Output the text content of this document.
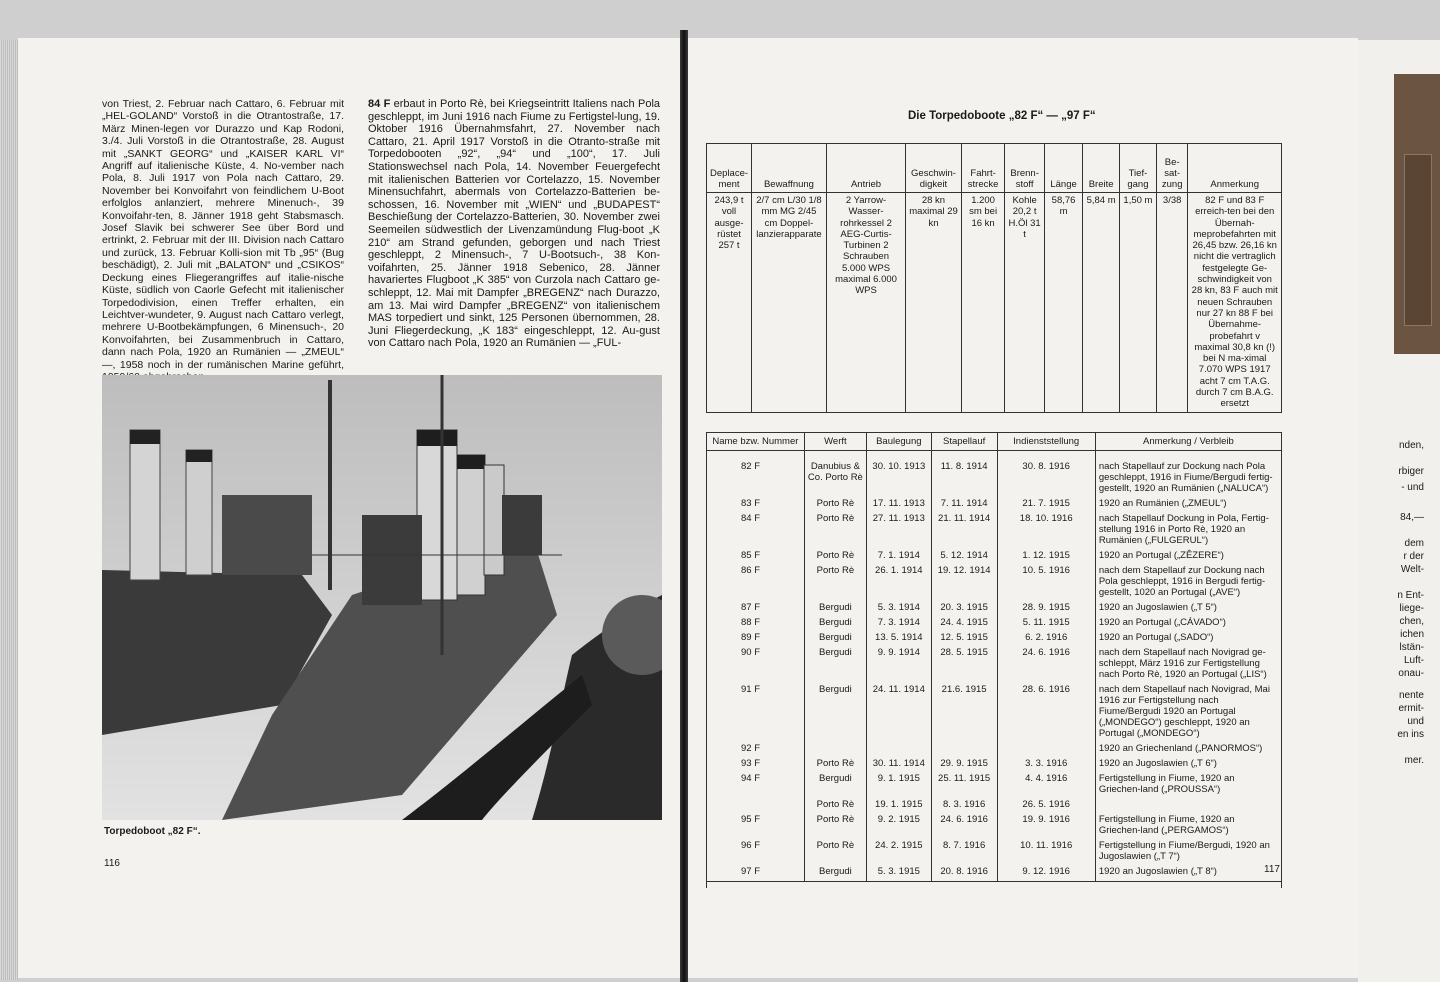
nden,
rbiger
- und
84,—
dem
r der
Welt-
n Ent-
liege-
chen,
ichen
lstän-
Luft-
onau-
nente
ermit-
und
en ins
mer.

von Triest, 2. Februar nach Cattaro, 6. Februar mit „HEL-GOLAND“ Vorstoß in die Otrantostraße, 17. März Minen-legen vor Durazzo und Kap Rodoni, 3./4. Juli Vorstoß in die Otrantostraße, 28. August mit „SANKT GEORG“ und „KAISER KARL VI“ Angriff auf italienische Küste, 4. No-vember nach Pola, 8. Juli 1917 von Pola nach Cattaro, 29. November bei Konvoifahrt von feindlichem U-Boot erfolglos anlanziert, mehrere Minenuch-, 39 Konvoifahr-ten, 8. Jänner 1918 geht Stabsmasch. Josef Slavik bei schwerer See über Bord und ertrinkt, 2. Februar mit der III. Division nach Cattaro und zurück, 13. Februar Kolli-sion mit Tb „95“ (Bug beschädigt), 2. Juli mit „BALATON“ und „CSIKOS“ Deckung eines Fliegerangriffes auf italie-nische Küste, südlich von Caorle Gefecht mit italienischer Torpedodivision, einen Treffer erhalten, ein Leichtver-wundeter, 9. August nach Cattaro verlegt, mehrere U-Bootbekämpfungen, 6 Minensuch-, 20 Konvoifahrten, bei Zusammenbruch in Cattaro, dann nach Pola, 1920 an Rumänien — „ZMEUL“ —, 1958 noch in der rumänischen Marine geführt,

84 F erbaut in Porto Rè, bei Kriegseintritt Italiens nach Pola geschleppt, im Juni 1916 nach Fiume zu Fertigstel-lung, 19. Oktober 1916 Übernahmsfahrt, 27. November nach Cattaro, 21. April 1917 Vorstoß in die Otranto-straße mit Torpedobooten „92“, „94“ und „100“, 17. Juli Stationswechsel nach Pola, 14. November Feuergefecht mit italienischen Batterien vor Cortelazzo, 15. November Minensuchfahrt, abermals von Cortelazzo-Batterien be-schossen, 16. November mit „WIEN“ und „BUDAPEST“ Beschießung der Cortelazzo-Batterien, 30. November zwei Seemeilen südwestlich der Livenzamündung Flug-boot „K 210“ am Strand gefunden, geborgen und nach Triest geschleppt, 2 Minensuch-, 7 U-Bootsuch-, 38 Kon-voifahrten, 25. Jänner 1918 Sebenico, 28. Jänner havariertes Flugboot „K 385“ von Curzola nach Cattaro ge-schleppt, 12. Mai mit Dampfer „BREGENZ“ nach Durazzo, am 13. Mai wird Dampfer „BREGENZ“ von italienischem MAS torpediert und sinkt, 125 Personen übernommen, 28. Juni Fliegerdeckung, „K 183“ eingeschleppt, 12. Au-gust von Cattaro nach Pola, 1920 an Rumänien — „FUL-

Torpedoboot „82 F“.
116
Die Torpedoboote „82 F“ — „97 F“
Deplace-ment	Bewaffnung	Antrieb	Geschwin-digkeit	Fahrt-strecke	Brenn-stoff	Länge	Breite	Tief-gang	Be-sat-zung	Anmerkung
243,9 t voll ausge-rüstet 257 t	2/7 cm L/30 1/8 mm MG 2/45 cm Doppel-lanzierapparate	2 Yarrow-Wasser-rohrkessel 2 AEG-Curtis-Turbinen 2 Schrauben 5.000 WPS maximal 6.000 WPS	28 kn maximal 29 kn	1.200 sm bei 16 kn	Kohle 20,2 t H.Öl 31 t	58,76 m	5,84 m	1,50 m	3/38	82 F und 83 F erreich-ten bei den Übernah-meprobefahrten mit 26,45 bzw. 26,16 kn nicht die vertraglich festgelegte Ge-schwindigkeit von 28 kn, 83 F auch mit neuen Schrauben nur 27 kn 88 F bei Übernahme-probefahrt v maximal 30,8 kn (!) bei N ma-ximal 7.070 WPS 1917 acht 7 cm T.A.G. durch 7 cm B.A.G. ersetzt
Name bzw. Nummer	Werft	Baulegung	Stapellauf	Indienststellung	Anmerkung / Verbleib
82 F	Danubius & Co. Porto Rè	30. 10. 1913	11. 8. 1914	30. 8. 1916	nach Stapellauf zur Dockung nach Pola geschleppt, 1916 in Fiume/Bergudi fertig-gestellt, 1920 an Rumänien („NALUCA“)
83 F	Porto Rè	17. 11. 1913	7. 11. 1914	21. 7. 1915	1920 an Rumänien („ZMEUL“)
84 F	Porto Rè	27. 11. 1913	21. 11. 1914	18. 10. 1916	nach Stapellauf Dockung in Pola, Fertig-stellung 1916 in Porto Rè, 1920 an Rumänien („FULGERUL“)
85 F	Porto Rè	7. 1. 1914	5. 12. 1914	1. 12. 1915	1920 an Portugal („ZÊZERE“)
86 F	Porto Rè	26. 1. 1914	19. 12. 1914	10. 5. 1916	nach dem Stapellauf zur Dockung nach Pola geschleppt, 1916 in Bergudi fertig-gestellt, 1020 an Portugal („AVE“)
87 F	Bergudi	5. 3. 1914	20. 3. 1915	28. 9. 1915	1920 an Jugoslawien („T 5“)
88 F	Bergudi	7. 3. 1914	24. 4. 1915	5. 11. 1915	1920 an Portugal („CÁVADO“)
89 F	Bergudi	13. 5. 1914	12. 5. 1915	6. 2. 1916	1920 an Portugal („SADO“)
90 F	Bergudi	9. 9. 1914	28. 5. 1915	24. 6. 1916	nach dem Stapellauf nach Novigrad ge-schleppt, März 1916 zur Fertigstellung nach Porto Rè, 1920 an Portugal („LIS“)
91 F	Bergudi	24. 11. 1914	21.6. 1915	28. 6. 1916	nach dem Stapellauf nach Novigrad, Mai 1916 zur Fertigstellung nach Fiume/Bergudi 1920 an Portugal („MONDEGO“) geschleppt, 1920 an Portugal („MONDEGO“)
92 F					1920 an Griechenland („PANORMOS“)
93 F	Porto Rè	30. 11. 1914	29. 9. 1915	3. 3. 1916	1920 an Jugoslawien („T 6“)
94 F	Bergudi	9. 1. 1915	25. 11. 1915	4. 4. 1916	Fertigstellung in Fiume, 1920 an Griechen-land („PROUSSA“)
	Porto Rè	19. 1. 1915	8. 3. 1916	26. 5. 1916	
95 F	Porto Rè	9. 2. 1915	24. 6. 1916	19. 9. 1916	Fertigstellung in Fiume, 1920 an Griechen-land („PERGAMOS“)
96 F	Porto Rè	24. 2. 1915	8. 7. 1916	10. 11. 1916	Fertigstellung in Fiume/Bergudi, 1920 an Jugoslawien („T 7“)
97 F	Bergudi	5. 3. 1915	20. 8. 1916	9. 12. 1916	1920 an Jugoslawien („T 8“)	117
